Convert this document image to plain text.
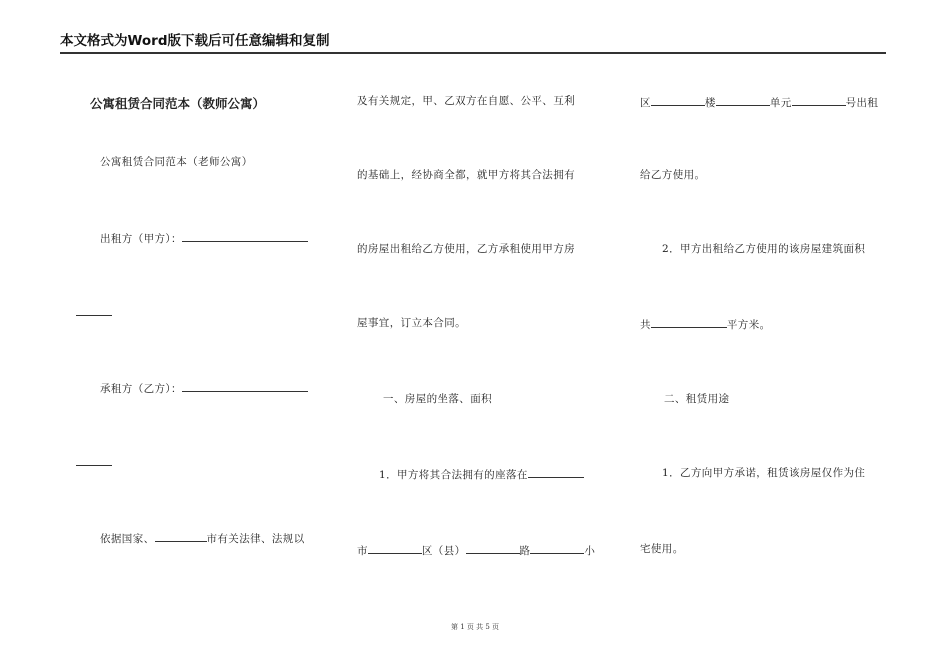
本文格式为Word版下载后可任意编辑和复制
公寓租赁合同范本（教师公寓）
公寓租赁合同范本（老师公寓）
出租方（甲方）：
承租方（乙方）：
依据国家、	市有关法律、法规以
及有关规定，甲、乙双方在自愿、公平、互利
的基础上，经协商全都，就甲方将其合法拥有
的房屋出租给乙方使用，乙方承租使用甲方房
屋事宜，订立本合同。
一、房屋的坐落、面积
1．甲方将其合法拥有的座落在
市	区（县）	路	小
区	楼	单元	号出租
给乙方使用。
2．甲方出租给乙方使用的该房屋建筑面积
共	平方米。
二、租赁用途
1．乙方向甲方承诺，租赁该房屋仅作为住
宅使用。
第 1 页 共 5 页
